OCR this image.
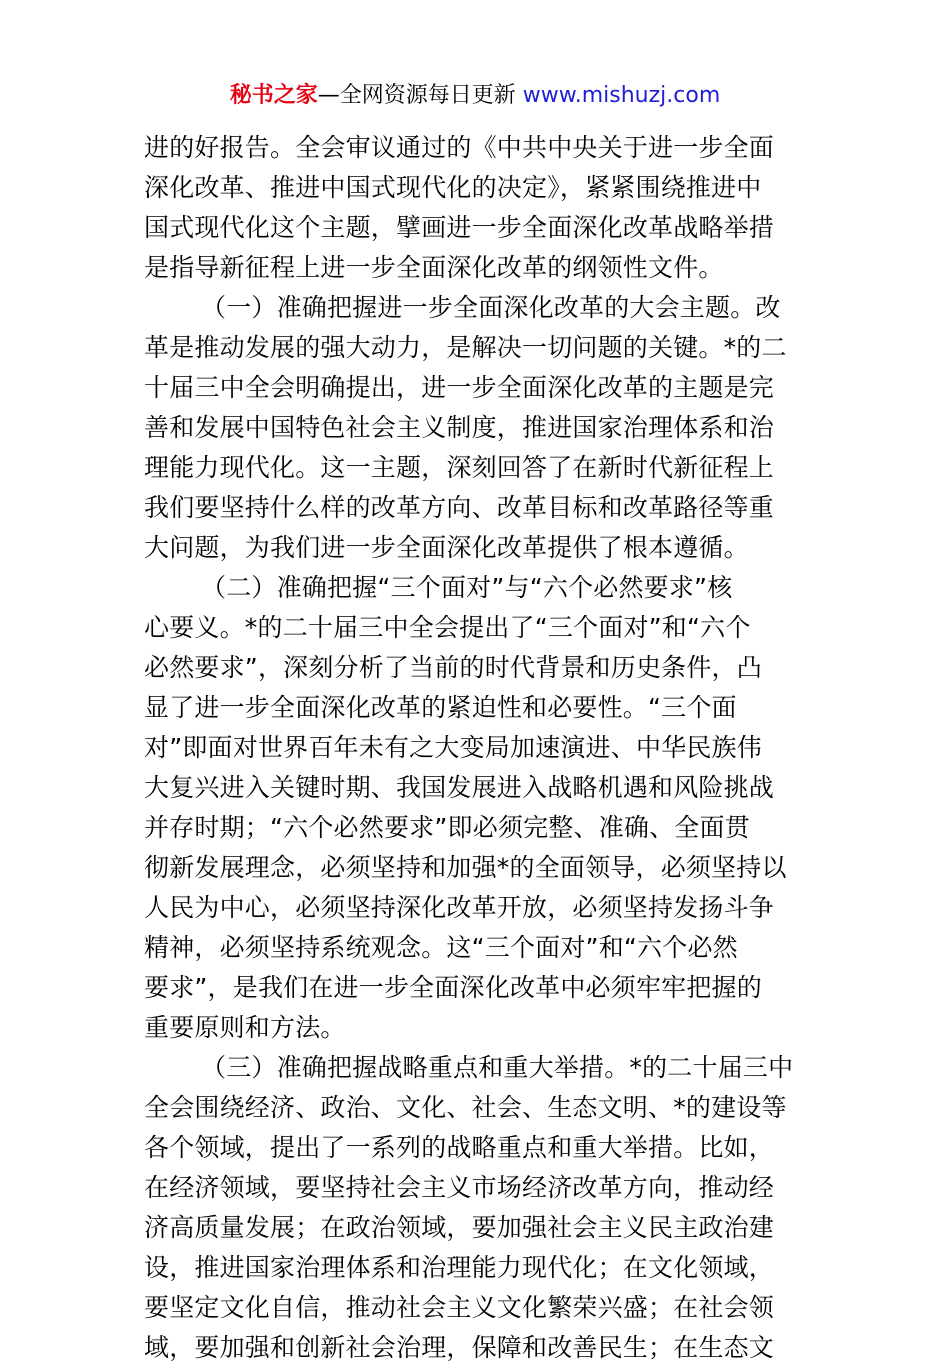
秘书之家—全网资源每日更新 www.mishuzj.com
进的好报告。全会审议通过的《中共中央关于进一步全面
深化改革、推进中国式现代化的决定》，紧紧围绕推进中
国式现代化这个主题，擘画进一步全面深化改革战略举措
是指导新征程上进一步全面深化改革的纲领性文件。
（一）准确把握进一步全面深化改革的大会主题。改
革是推动发展的强大动力，是解决一切问题的关键。*的二
十届三中全会明确提出，进一步全面深化改革的主题是完
善和发展中国特色社会主义制度，推进国家治理体系和治
理能力现代化。这一主题，深刻回答了在新时代新征程上
我们要坚持什么样的改革方向、改革目标和改革路径等重
大问题，为我们进一步全面深化改革提供了根本遵循。
（二）准确把握“三个面对”与“六个必然要求”核
心要义。*的二十届三中全会提出了“三个面对”和“六个
必然要求”，深刻分析了当前的时代背景和历史条件，凸
显了进一步全面深化改革的紧迫性和必要性。“三个面
对”即面对世界百年未有之大变局加速演进、中华民族伟
大复兴进入关键时期、我国发展进入战略机遇和风险挑战
并存时期；“六个必然要求”即必须完整、准确、全面贯
彻新发展理念，必须坚持和加强*的全面领导，必须坚持以
人民为中心，必须坚持深化改革开放，必须坚持发扬斗争
精神，必须坚持系统观念。这“三个面对”和“六个必然
要求”，是我们在进一步全面深化改革中必须牢牢把握的
重要原则和方法。
（三）准确把握战略重点和重大举措。*的二十届三中
全会围绕经济、政治、文化、社会、生态文明、*的建设等
各个领域，提出了一系列的战略重点和重大举措。比如，
在经济领域，要坚持社会主义市场经济改革方向，推动经
济高质量发展；在政治领域，要加强社会主义民主政治建
设，推进国家治理体系和治理能力现代化；在文化领域，
要坚定文化自信，推动社会主义文化繁荣兴盛；在社会领
域，要加强和创新社会治理，保障和改善民生；在生态文
